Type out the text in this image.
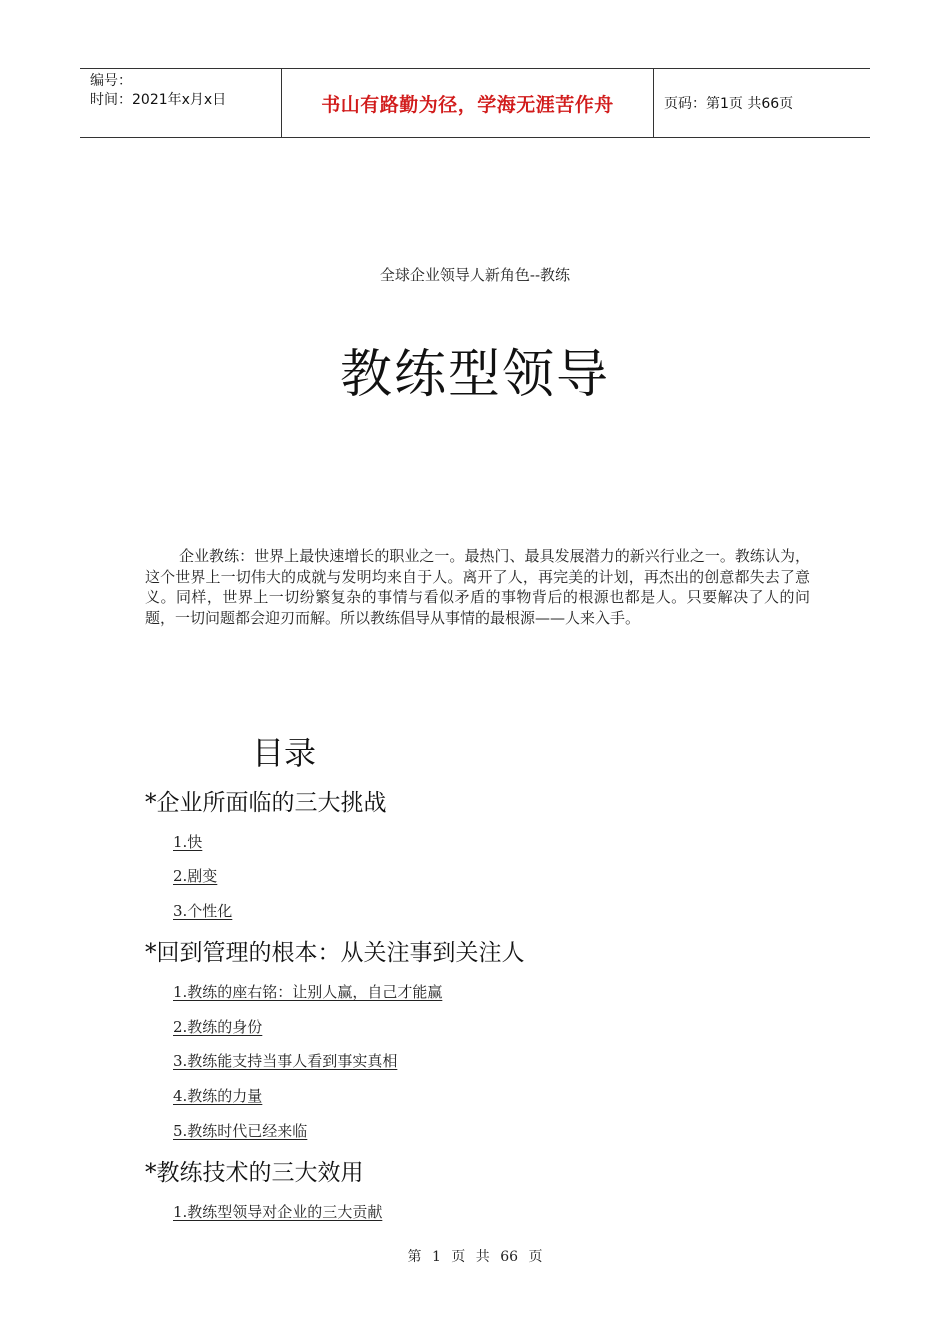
编号：
时间：2021年x月x日	书山有路勤为径，学海无涯苦作舟	页码：第1页 共66页
全球企业领导人新角色--教练
教练型领导
企业教练：世界上最快速增长的职业之一。最热门、最具发展潜力的新兴行业之一。教练认为，这个世界上一切伟大的成就与发明均来自于人。离开了人，再完美的计划，再杰出的创意都失去了意义。同样，世界上一切纷繁复杂的事情与看似矛盾的事物背后的根源也都是人。只要解决了人的问题，一切问题都会迎刃而解。所以教练倡导从事情的最根源——人来入手。
目录
*企业所面临的三大挑战
1.快
2.剧变
3.个性化
*回到管理的根本：从关注事到关注人
1.教练的座右铭：让别人赢，自己才能赢
2.教练的身份
3.教练能支持当事人看到事实真相
4.教练的力量
5.教练时代已经来临
*教练技术的三大效用
1.教练型领导对企业的三大贡献
第 1 页 共 66 页
